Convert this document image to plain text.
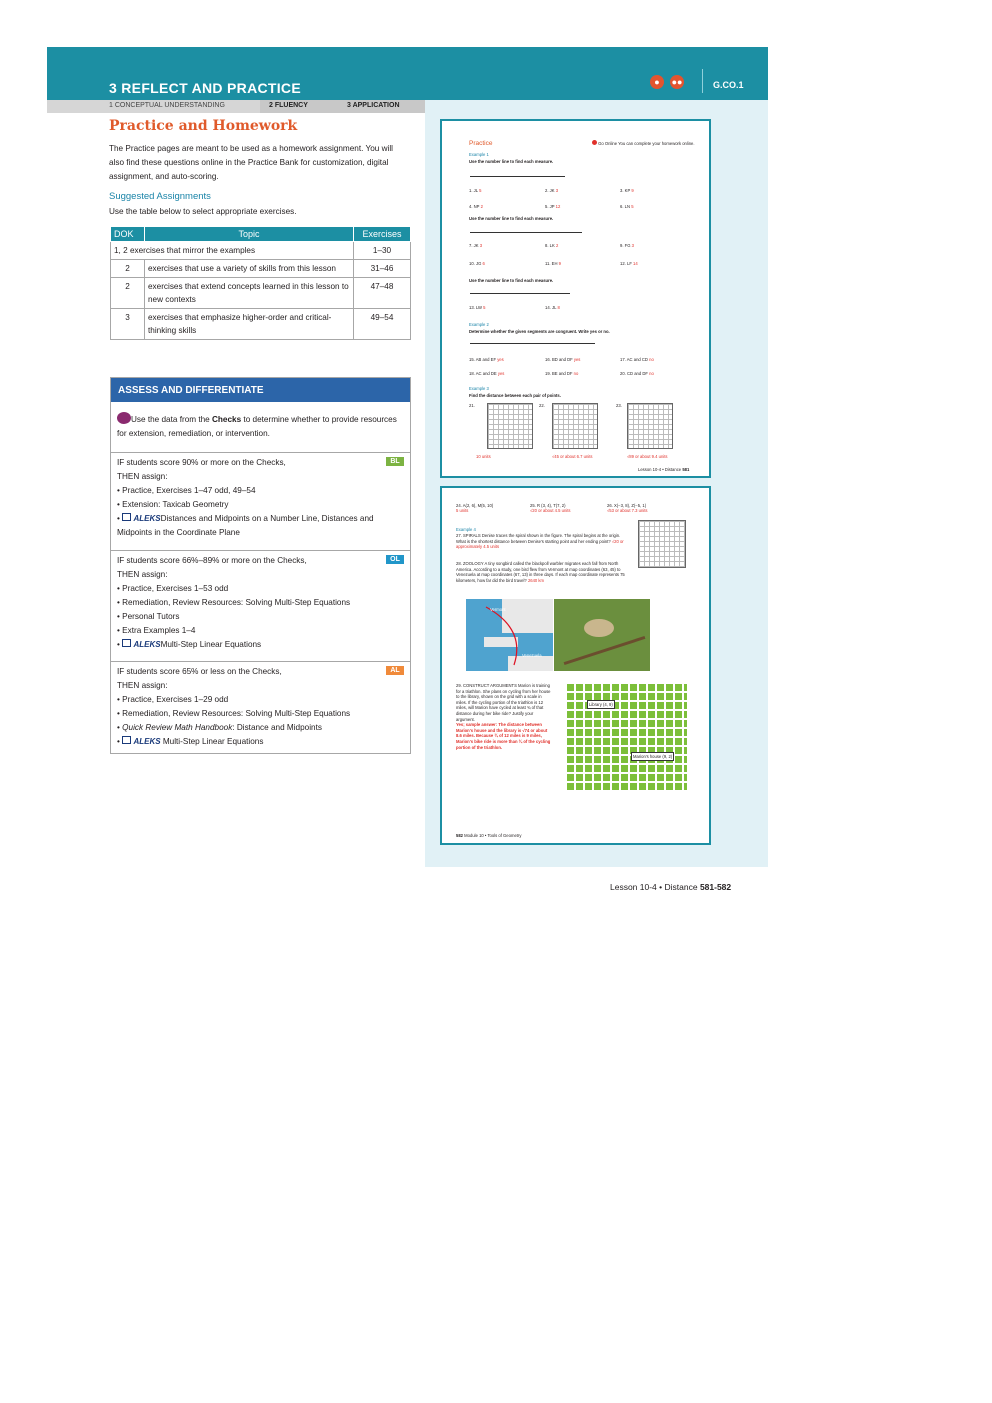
3 REFLECT AND PRACTICE	●	●●	G.CO.1
1 CONCEPTUAL UNDERSTANDING	2 FLUENCY	3 APPLICATION
Practice and Homework

The Practice pages are meant to be used as a homework assignment. You will also find these questions online in the Practice Bank for customization, digital assignment, and auto-scoring.

Suggested Assignments
Use the table below to select appropriate exercises.
DOK	Topic	Exercises
1, 2 exercises that mirror the examples		1–30
2	exercises that use a variety of skills from this lesson	31–46
2	exercises that extend concepts learned in this lesson to new contexts	47–48
3	exercises that emphasize higher-order and critical-thinking skills	49–54
ASSESS AND DIFFERENTIATE
Use the data from the Checks to determine whether to provide resources for extension, remediation, or intervention.
BL
IF students score 90% or more on the Checks,
THEN assign:
• Practice, Exercises 1–47 odd, 49–54
• Extension: Taxicab Geometry
•  ALEKSDistances and Midpoints on a Number Line, Distances and Midpoints in the Coordinate Plane
OL
IF students score 66%–89% or more on the Checks,
THEN assign:
• Practice, Exercises 1–53 odd
• Remediation, Review Resources: Solving Multi-Step Equations
• Personal Tutors
• Extra Examples 1–4
•  ALEKSMulti-Step Linear Equations
AL
IF students score 65% or less on the Checks,
THEN assign:
• Practice, Exercises 1–29 odd
• Remediation, Review Resources: Solving Multi-Step Equations
• Quick Review Math Handbook: Distance and Midpoints
•  ALEKS Multi-Step Linear Equations
Practice	Go Online You can complete your homework online.
Example 1
Use the number line to find each measure.
1. JL 5	2. JK 3	3. KP 9
4. NP 2	5. JP 12	6. LN 5
Use the number line to find each measure.
7. JK 3	8. LK 2	9. FG 3
10. JG 6	11. EH 9	12. LF 14
Use the number line to find each measure.
13. LW 5	14. JL 8
Example 2
Determine whether the given segments are congruent. Write yes or no.
15. AB and EF yes	16. BD and DF yes	17. AC and CD no
18. AC and DE yes	19. BE and DF no	20. CD and DF no
Example 3
Find the distance between each pair of points.
21.
10 units
22.
√45 or about 6.7 units
23.
√89 or about 9.4 units
Lesson 10-4 • Distance 581
24. A(2, 6), M(5, 10)
5 units
25. R (3, 4), T(7, 2)
√20 or about 4.5 units
26. X(−3, 8), Z(−5, 1)
√53 or about 7.3 units
Example 4
27. SPIRALS Denise traces the spiral shown in the figure. The spiral begins at the origin. What is the shortest distance between Denise's starting point and her ending point? √20 or approximately 4.5 units
28. ZOOLOGY A tiny songbird called the blackpoll warbler migrates each fall from North America. According to a study, one bird flew from Vermont at map coordinates (63, 45) to Venezuela at map coordinates (67, 13) in three days. If each map coordinate represents 75 kilometers, how far did the bird travel? 2640 km
Vermont
Venezuela
29. CONSTRUCT ARGUMENTS Marion is training for a triathlon. She plans on cycling from her house to the library, shown on the grid with a scale in miles. If the cycling portion of the triathlon is 12 miles, will Marion have cycled at least ¾ of that distance during her bike ride? Justify your argument.
Yes; sample answer: The distance between Marion's house and the library is √74 or about 8.6 miles. Because ¾ of 12 miles is 9 miles, Marion's bike ride is more than ¾ of the cycling portion of the triathlon.
Library (4, 9)
Marion's house (9, 2)
582 Module 10 • Tools of Geometry
Lesson 10-4 • Distance 581-582
